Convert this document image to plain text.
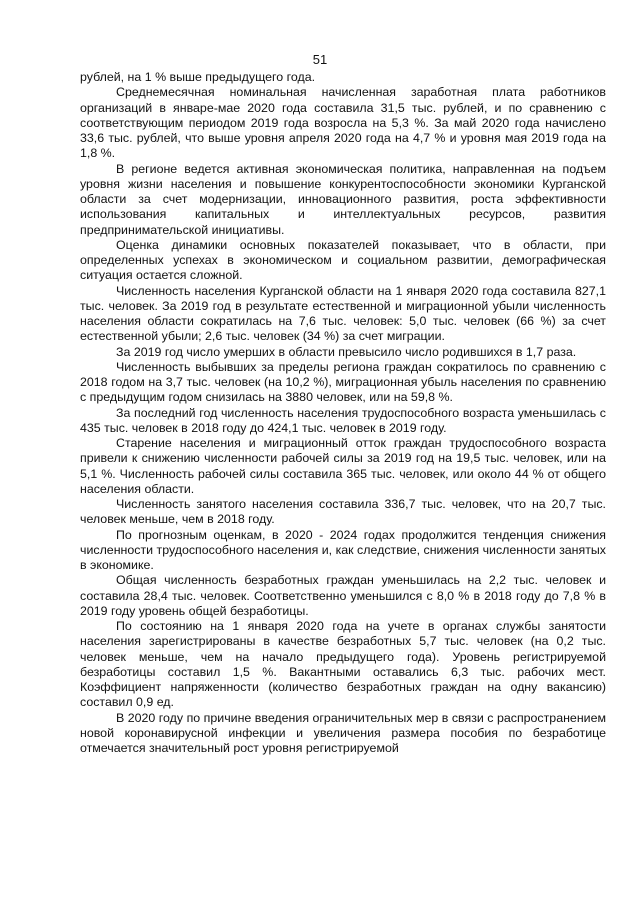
51

рублей, на 1 % выше предыдущего года.

Среднемесячная номинальная начисленная заработная плата работников организаций в январе-мае 2020 года составила 31,5 тыс. рублей, и по сравнению с соответствующим периодом 2019 года возросла на 5,3 %. За май 2020 года начислено 33,6 тыс. рублей, что выше уровня апреля 2020 года на 4,7 % и уровня мая 2019 года на 1,8 %.

В регионе ведется активная экономическая политика, направленная на подъем уровня жизни населения и повышение конкурентоспособности экономики Курганской области за счет модернизации, инновационного развития, роста эффективности использования капитальных и интеллектуальных ресурсов, развития предпринимательской инициативы.

Оценка динамики основных показателей показывает, что в области, при определенных успехах в экономическом и социальном развитии, демографическая ситуация остается сложной.

Численность населения Курганской области на 1 января 2020 года составила 827,1 тыс. человек. За 2019 год в результате естественной и миграционной убыли численность населения области сократилась на 7,6 тыс. человек: 5,0 тыс. человек (66 %) за счет естественной убыли; 2,6 тыс. человек (34 %) за счет миграции.

За 2019 год число умерших в области превысило число родившихся в 1,7 раза.

Численность выбывших за пределы региона граждан сократилось по сравнению с 2018 годом на 3,7 тыс. человек (на 10,2 %), миграционная убыль населения по сравнению с предыдущим годом снизилась на 3880 человек, или на 59,8 %.

За последний год численность населения трудоспособного возраста уменьшилась с 435 тыс. человек в 2018 году до 424,1 тыс. человек в 2019 году.

Старение населения и миграционный отток граждан трудоспособного возраста привели к снижению численности рабочей силы за 2019 год на 19,5 тыс. человек, или на 5,1 %. Численность рабочей силы составила 365 тыс. человек, или около 44 % от общего населения области.

Численность занятого населения составила 336,7 тыс. человек, что на 20,7 тыс. человек меньше, чем в 2018 году.

По прогнозным оценкам, в 2020 - 2024 годах продолжится тенденция снижения численности трудоспособного населения и, как следствие, снижения численности занятых в экономике.

Общая численность безработных граждан уменьшилась на 2,2 тыс. человек и составила 28,4 тыс. человек. Соответственно уменьшился с 8,0 % в 2018 году до 7,8 % в 2019 году уровень общей безработицы.

По состоянию на 1 января 2020 года на учете в органах службы занятости населения зарегистрированы в качестве безработных 5,7 тыс. человек (на 0,2 тыс. человек меньше, чем на начало предыдущего года). Уровень регистрируемой безработицы составил 1,5 %. Вакантными оставались 6,3 тыс. рабочих мест. Коэффициент напряженности (количество безработных граждан на одну вакансию) составил 0,9 ед.

В 2020 году по причине введения ограничительных мер в связи с распространением новой коронавирусной инфекции и увеличения размера пособия по безработице отмечается значительный рост уровня регистрируемой
